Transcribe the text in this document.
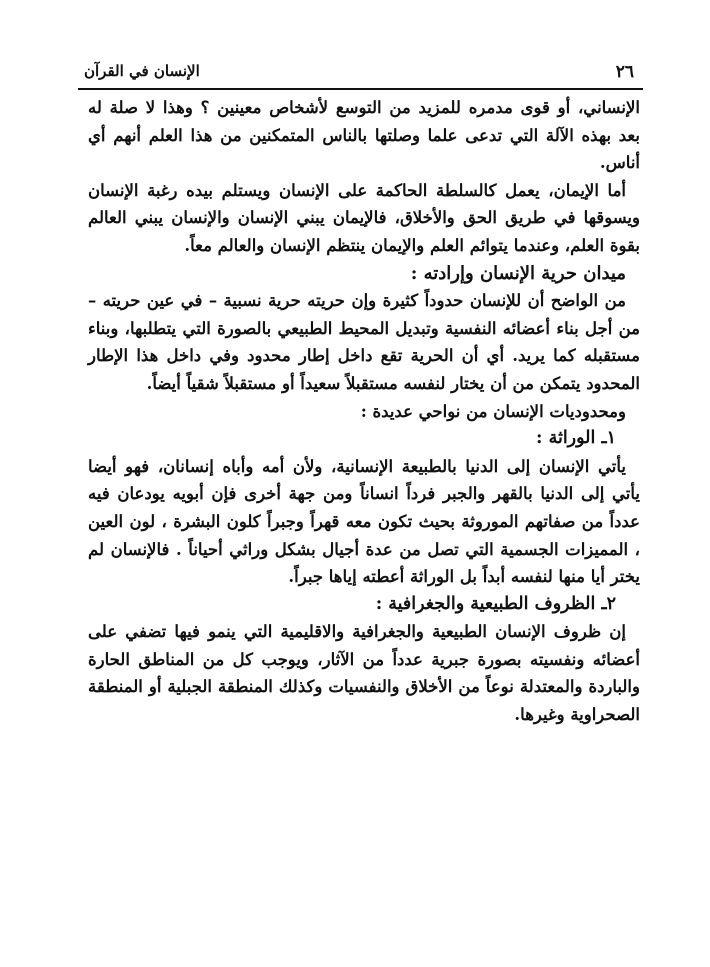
٢٦
الإنسان في القرآن

الإنساني، أو قوى مدمره للمزيد من التوسع لأشخاص معينين ؟ وهذا لا صلة له بعد بهذه الآلة التي تدعى علما وصلتها بالناس المتمكنين من هذا العلم أنهم أي أناس.

أما الإيمان، يعمل كالسلطة الحاكمة على الإنسان ويستلم بيده رغبة الإنسان ويسوقها في طريق الحق والأخلاق، فالإيمان يبني الإنسان والإنسان يبني العالم بقوة العلم، وعندما يتوائم العلم والإيمان ينتظم الإنسان والعالم معاً.

ميدان حرية الإنسان وإرادته :

من الواضح أن للإنسان حدوداً كثيرة وإن حريته حرية نسبية – في عين حريته – من أجل بناء أعضائه النفسية وتبديل المحيط الطبيعي بالصورة التي يتطلبها، وبناء مستقبله كما يريد. أي أن الحرية تقع داخل إطار محدود وفي داخل هذا الإطار المحدود يتمكن من أن يختار لنفسه مستقبلاً سعيداً أو مستقبلاً شقياً أيضاً.

ومحدوديات الإنسان من نواحي عديدة :

١ـ الوراثة :

يأتي الإنسان إلى الدنيا بالطبيعة الإنسانية، ولأن أمه وأباه إنسانان، فهو أيضا يأتي إلى الدنيا بالقهر والجبر فرداً انساناً ومن جهة أخرى فإن أبويه يودعان فيه عدداً من صفاتهم الموروثة بحيث تكون معه قهراً وجبراً كلون البشرة ، لون العين ، المميزات الجسمية التي تصل من عدة أجيال بشكل وراثي أحياناً . فالإنسان لم يختر أيا منها لنفسه أبداً بل الوراثة أعطته إياها جبراً.

٢ـ الظروف الطبيعية والجغرافية :

إن ظروف الإنسان الطبيعية والجغرافية والاقليمية التي ينمو فيها تضفي على أعضائه ونفسيته بصورة جبرية عدداً من الآثار، ويوجب كل من المناطق الحارة والباردة والمعتدلة نوعاً من الأخلاق والنفسيات وكذلك المنطقة الجبلية أو المنطقة الصحراوية وغيرها.
